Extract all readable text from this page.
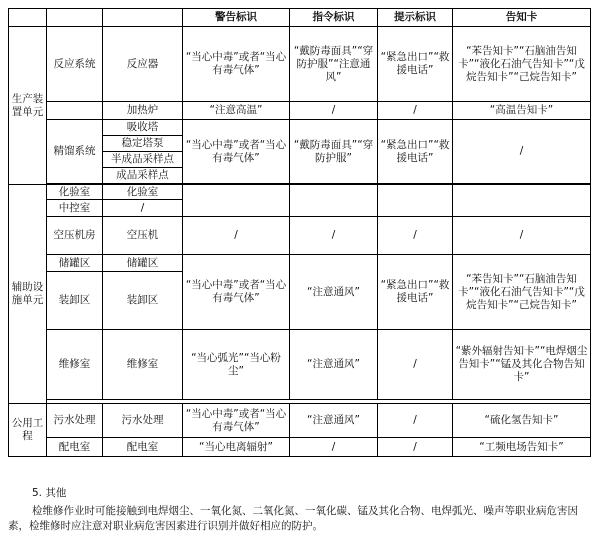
			警告标识	指令标识	提示标识	告知卡
生产装置单元	反应系统	反应器	“当心中毒”或者“当心有毒气体”	“戴防毒面具”“穿防护服”“注意通风”	“紧急出口”“救援电话”	“苯告知卡”“石脑油告知卡”“液化石油气告知卡”“戊烷告知卡”“己烷告知卡”
		加热炉	“注意高温”	/	/	“高温告知卡”
	精馏系统	吸收塔	“当心中毒”或者“当心有毒气体”	“戴防毒面具”“穿防护服”	“紧急出口”“救援电话”	/
		稳定塔泵				
		半成品采样点				
		成品采样点				

辅助设施单元	化验室	化验室				
	中控室	/				
	空压机房	空压机	/	/	/	/
	储罐区	储罐区	“当心中毒”或者“当心有毒气体”	“注意通风”	“紧急出口”“救援电话”	“苯告知卡”“石脑油告知卡”“液化石油气告知卡”“戊烷告知卡”“己烷告知卡”
	装卸区	装卸区				
	维修室	维修室	“当心弧光”“当心粉尘”	“注意通风”	/	“紫外辐射告知卡”“电焊烟尘告知卡”“锰及其化合物告知卡”

公用工程	污水处理	污水处理	“当心中毒”或者“当心有毒气体”	“注意通风”	/	“硫化氢告知卡”
	配电室	配电室	“当心电离辐射”	/	/	“工频电场告知卡”
5. 其他
检维修作业时可能接触到电焊烟尘、一氧化氮、二氧化氮、一氧化碳、锰及其化合物、电焊弧光、噪声等职业病危害因素，检维修时应注意对职业病危害因素进行识别并做好相应的防护。
